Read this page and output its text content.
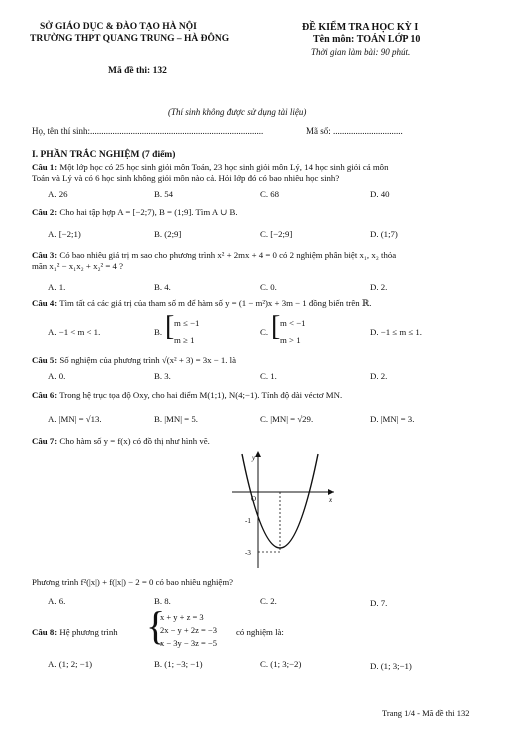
SỞ GIÁO DỤC & ĐÀO TẠO HÀ NỘI
TRƯỜNG THPT QUANG TRUNG – HÀ ĐÔNG
Mã đề thi: 132
ĐỀ KIỂM TRA HỌC KỲ I
Tên môn: TOÁN LỚP 10
Thời gian làm bài: 90 phút.
(Thí sinh không được sử dụng tài liệu)
Họ, tên thí sinh:.............................................................................	Mã số: ...............................
I. PHẦN TRẮC NGHIỆM (7 điểm)
Câu 1: Một lớp học có 25 học sinh giỏi môn Toán, 23 học sinh giỏi môn Lý, 14 học sinh giỏi cả môn
Toán và Lý và có 6 học sinh không giỏi môn nào cả. Hỏi lớp đó có bao nhiêu học sinh?
A. 26	B. 54	C. 68	D. 40
Câu 2: Cho hai tập hợp A = [−2;7), B = (1;9]. Tìm A ∪ B.
A. [−2;1)	B. (2;9]	C. [−2;9]	D. (1;7)
Câu 3: Có bao nhiêu giá trị m sao cho phương trình x² + 2mx + 4 = 0 có 2 nghiệm phân biệt x₁, x₂ thỏa
mãn x₁² − x₁x₂ + x₂² = 4 ?
A. 1.	B. 4.	C. 0.	D. 2.
Câu 4: Tìm tất cả các giá trị của tham số m để hàm số y = (1 − m²)x + 3m − 1 đồng biến trên ℝ.
A. −1 < m < 1.	B. [ m ≤ −1
m ≥ 1
C. [ m < −1
m > 1
D. −1 ≤ m ≤ 1.
Câu 5: Số nghiệm của phương trình √(x² + 3) = 3x − 1. là
A. 0.	B. 3.	C. 1.	D. 2.
Câu 6: Trong hệ trục tọa độ Oxy, cho hai điểm M(1;1), N(4;−1). Tính độ dài véctơ MN.
A. |MN| = √13.	B. |MN| = 5.	C. |MN| = √29.	D. |MN| = 3.
Câu 7: Cho hàm số y = f(x) có đồ thị như hình vẽ.
y
x
O
-1
-3
Phương trình f²(|x|) + f(|x|) − 2 = 0 có bao nhiêu nghiệm?
A. 6.	B. 8.	C. 2.	D. 7.
Câu 8: Hệ phương trình {
x + y + z = 3
2x − y + 2z = −3
x − 3y − 3z = −5
có nghiệm là:
A. (1; 2; −1)	B. (1; −3; −1)	C. (1; 3;−2)	D. (1; 3;−1)
Trang 1/4 - Mã đề thi 132
